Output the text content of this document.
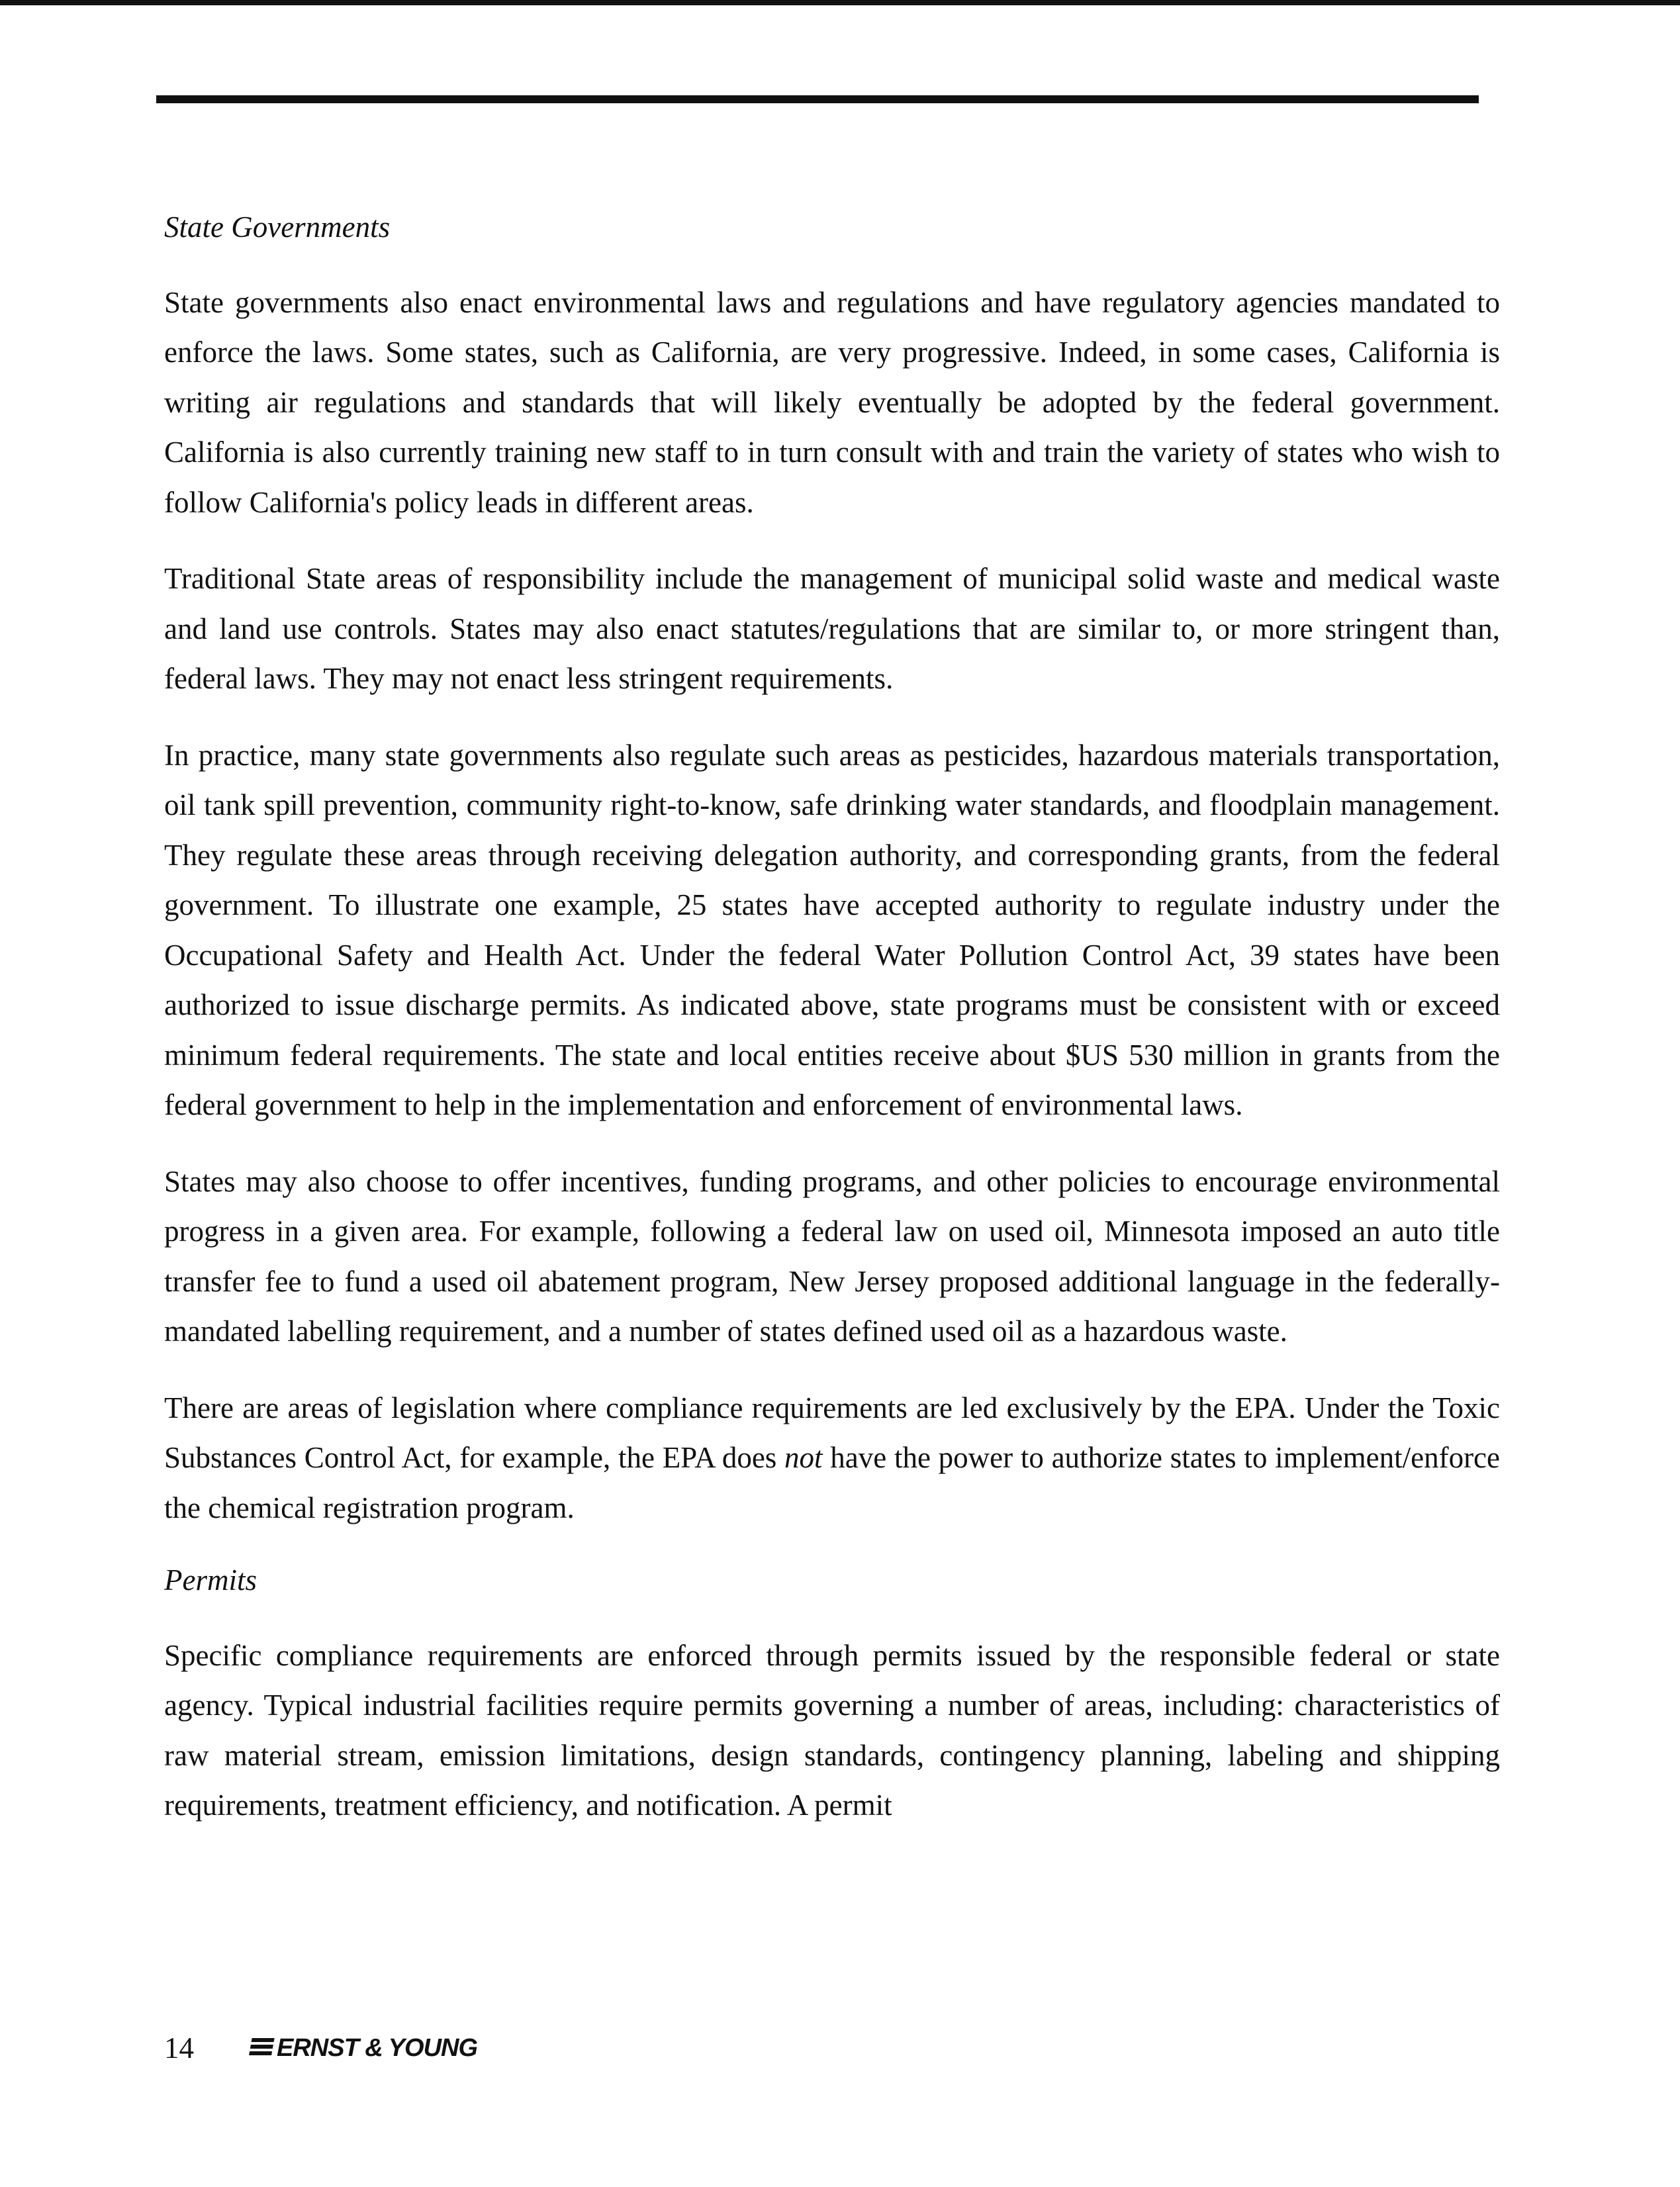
State Governments

State governments also enact environmental laws and regulations and have regulatory agencies mandated to enforce the laws. Some states, such as California, are very progressive. Indeed, in some cases, California is writing air regulations and standards that will likely eventually be adopted by the federal government. California is also currently training new staff to in turn consult with and train the variety of states who wish to follow California's policy leads in different areas.

Traditional State areas of responsibility include the management of municipal solid waste and medical waste and land use controls. States may also enact statutes/regulations that are similar to, or more stringent than, federal laws. They may not enact less stringent requirements.

In practice, many state governments also regulate such areas as pesticides, hazardous materials transportation, oil tank spill prevention, community right-to-know, safe drinking water standards, and floodplain management. They regulate these areas through receiving delegation authority, and corresponding grants, from the federal government. To illustrate one example, 25 states have accepted authority to regulate industry under the Occupational Safety and Health Act. Under the federal Water Pollution Control Act, 39 states have been authorized to issue discharge permits. As indicated above, state programs must be consistent with or exceed minimum federal requirements. The state and local entities receive about $US 530 million in grants from the federal government to help in the implementation and enforcement of environmental laws.

States may also choose to offer incentives, funding programs, and other policies to encourage environmental progress in a given area. For example, following a federal law on used oil, Minnesota imposed an auto title transfer fee to fund a used oil abatement program, New Jersey proposed additional language in the federally-mandated labelling requirement, and a number of states defined used oil as a hazardous waste.

There are areas of legislation where compliance requirements are led exclusively by the EPA. Under the Toxic Substances Control Act, for example, the EPA does not have the power to authorize states to implement/enforce the chemical registration program.

Permits

Specific compliance requirements are enforced through permits issued by the responsible federal or state agency. Typical industrial facilities require permits governing a number of areas, including: characteristics of raw material stream, emission limitations, design standards, contingency planning, labeling and shipping requirements, treatment efficiency, and notification. A permit

14	ERNST & YOUNG
